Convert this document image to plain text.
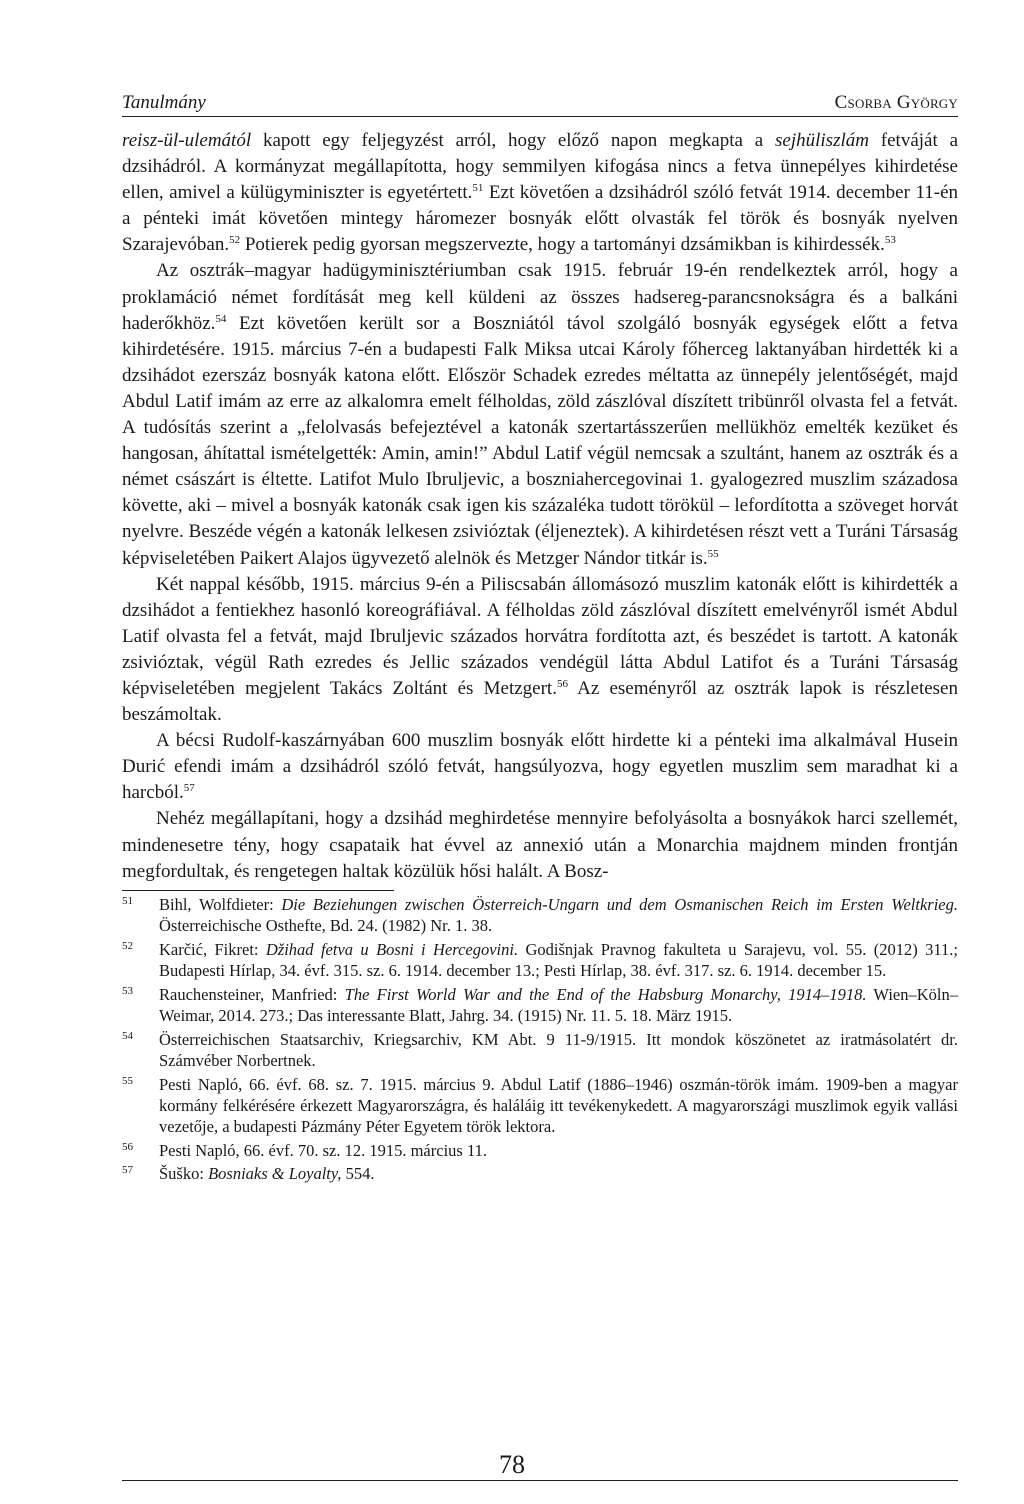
Tanulmány	Csorba György

reisz-ül-ulemától kapott egy feljegyzést arról, hogy előző napon megkapta a sejhüliszlám fetváját a dzsihádról. A kormányzat megállapította, hogy semmilyen kifogása nincs a fetva ünnepélyes kihirdetése ellen, amivel a külügyminiszter is egyetértett.$^{51}$ Ezt követően a dzsihádról szóló fetvát 1914. december 11-én a pénteki imát követően mintegy háromezer bosnyák előtt olvasták fel török és bosnyák nyelven Szarajevóban.$^{52}$ Potierek pedig gyorsan megszervezte, hogy a tartományi dzsámikban is kihirdessék.$^{53}$

Az osztrák–magyar hadügyminisztériumban csak 1915. február 19-én rendelkeztek arról, hogy a proklamáció német fordítását meg kell küldeni az összes hadsereg-parancsnokságra és a balkáni haderőkhöz.$^{54}$ Ezt követően került sor a Boszniától távol szolgáló bosnyák egységek előtt a fetva kihirdetésére. 1915. március 7-én a budapesti Falk Miksa utcai Károly főherceg laktanyában hirdették ki a dzsihádot ezerszáz bosnyák katona előtt. Először Schadek ezredes méltatta az ünnepély jelentőségét, majd Abdul Latif imám az erre az alkalomra emelt félholdas, zöld zászlóval díszített tribünről olvasta fel a fetvát. A tudósítás szerint a „felolvasás befejeztével a katonák szertartásszerűen mellükhöz emelték kezüket és hangosan, áhítattal ismételgették: Amin, amin!” Abdul Latif végül nemcsak a szultánt, hanem az osztrák és a német császárt is éltette. Latifot Mulo Ibruljevic, a boszniаhercegovinai 1. gyalogezred muszlim századosa követte, aki – mivel a bosnyák katonák csak igen kis százaléka tudott törökül – lefordította a szöveget horvát nyelvre. Beszéde végén a katonák lelkesen zsivióztak (éljeneztek). A kihirdetésen részt vett a Turáni Társaság képviseletében Paikert Alajos ügyvezető alelnök és Metzger Nándor titkár is.$^{55}$

Két nappal később, 1915. március 9-én a Piliscsabán állomásozó muszlim katonák előtt is kihirdették a dzsihádot a fentiekhez hasonló koreográfiával. A félholdas zöld zászlóval díszített emelvényről ismét Abdul Latif olvasta fel a fetvát, majd Ibruljevic százados horvátra fordította azt, és beszédet is tartott. A katonák zsivióztak, végül Rath ezredes és Jellic százados vendégül látta Abdul Latifot és a Turáni Társaság képviseletében megjelent Takács Zoltánt és Metzgert.$^{56}$ Az eseményről az osztrák lapok is részletesen beszámoltak.

A bécsi Rudolf-kaszárnyában 600 muszlim bosnyák előtt hirdette ki a pénteki ima alkalmával Husein Durić efendi imám a dzsihádról szóló fetvát, hangsúlyozva, hogy egyetlen muszlim sem maradhat ki a harcból.$^{57}$

Nehéz megállapítani, hogy a dzsihád meghirdetése mennyire befolyásolta a bosnyákok harci szellemét, mindenesetre tény, hogy csapataik hat évvel az annexió után a Monarchia majdnem minden frontján megfordultak, és rengetegen haltak közülük hősi halált. A Bosz-

51 Bihl, Wolfdieter: Die Beziehungen zwischen Österreich-Ungarn und dem Osmanischen Reich im Ersten Weltkrieg. Österreichische Osthefte, Bd. 24. (1982) Nr. 1. 38.
52 Karčić, Fikret: Džihad fetva u Bosni i Hercegovini. Godišnjak Pravnog fakulteta u Sarajevu, vol. 55. (2012) 311.; Budapesti Hírlap, 34. évf. 315. sz. 6. 1914. december 13.; Pesti Hírlap, 38. évf. 317. sz. 6. 1914. december 15.
53 Rauchensteiner, Manfried: The First World War and the End of the Habsburg Monarchy, 1914–1918. Wien–Köln–Weimar, 2014. 273.; Das interessante Blatt, Jahrg. 34. (1915) Nr. 11. 5. 18. März 1915.
54 Österreichischen Staatsarchiv, Kriegsarchiv, KM Abt. 9 11-9/1915. Itt mondok köszönetet az iratmásolatért dr. Számvéber Norbertnek.
55 Pesti Napló, 66. évf. 68. sz. 7. 1915. március 9. Abdul Latif (1886–1946) oszmán-török imám. 1909-ben a magyar kormány felkérésére érkezett Magyarországra, és haláláig itt tevékenykedett. A magyarországi muszlimok egyik vallási vezetője, a budapesti Pázmány Péter Egyetem török lektora.
56 Pesti Napló, 66. évf. 70. sz. 12. 1915. március 11.
57 Šuško: Bosniaks & Loyalty, 554.
78
